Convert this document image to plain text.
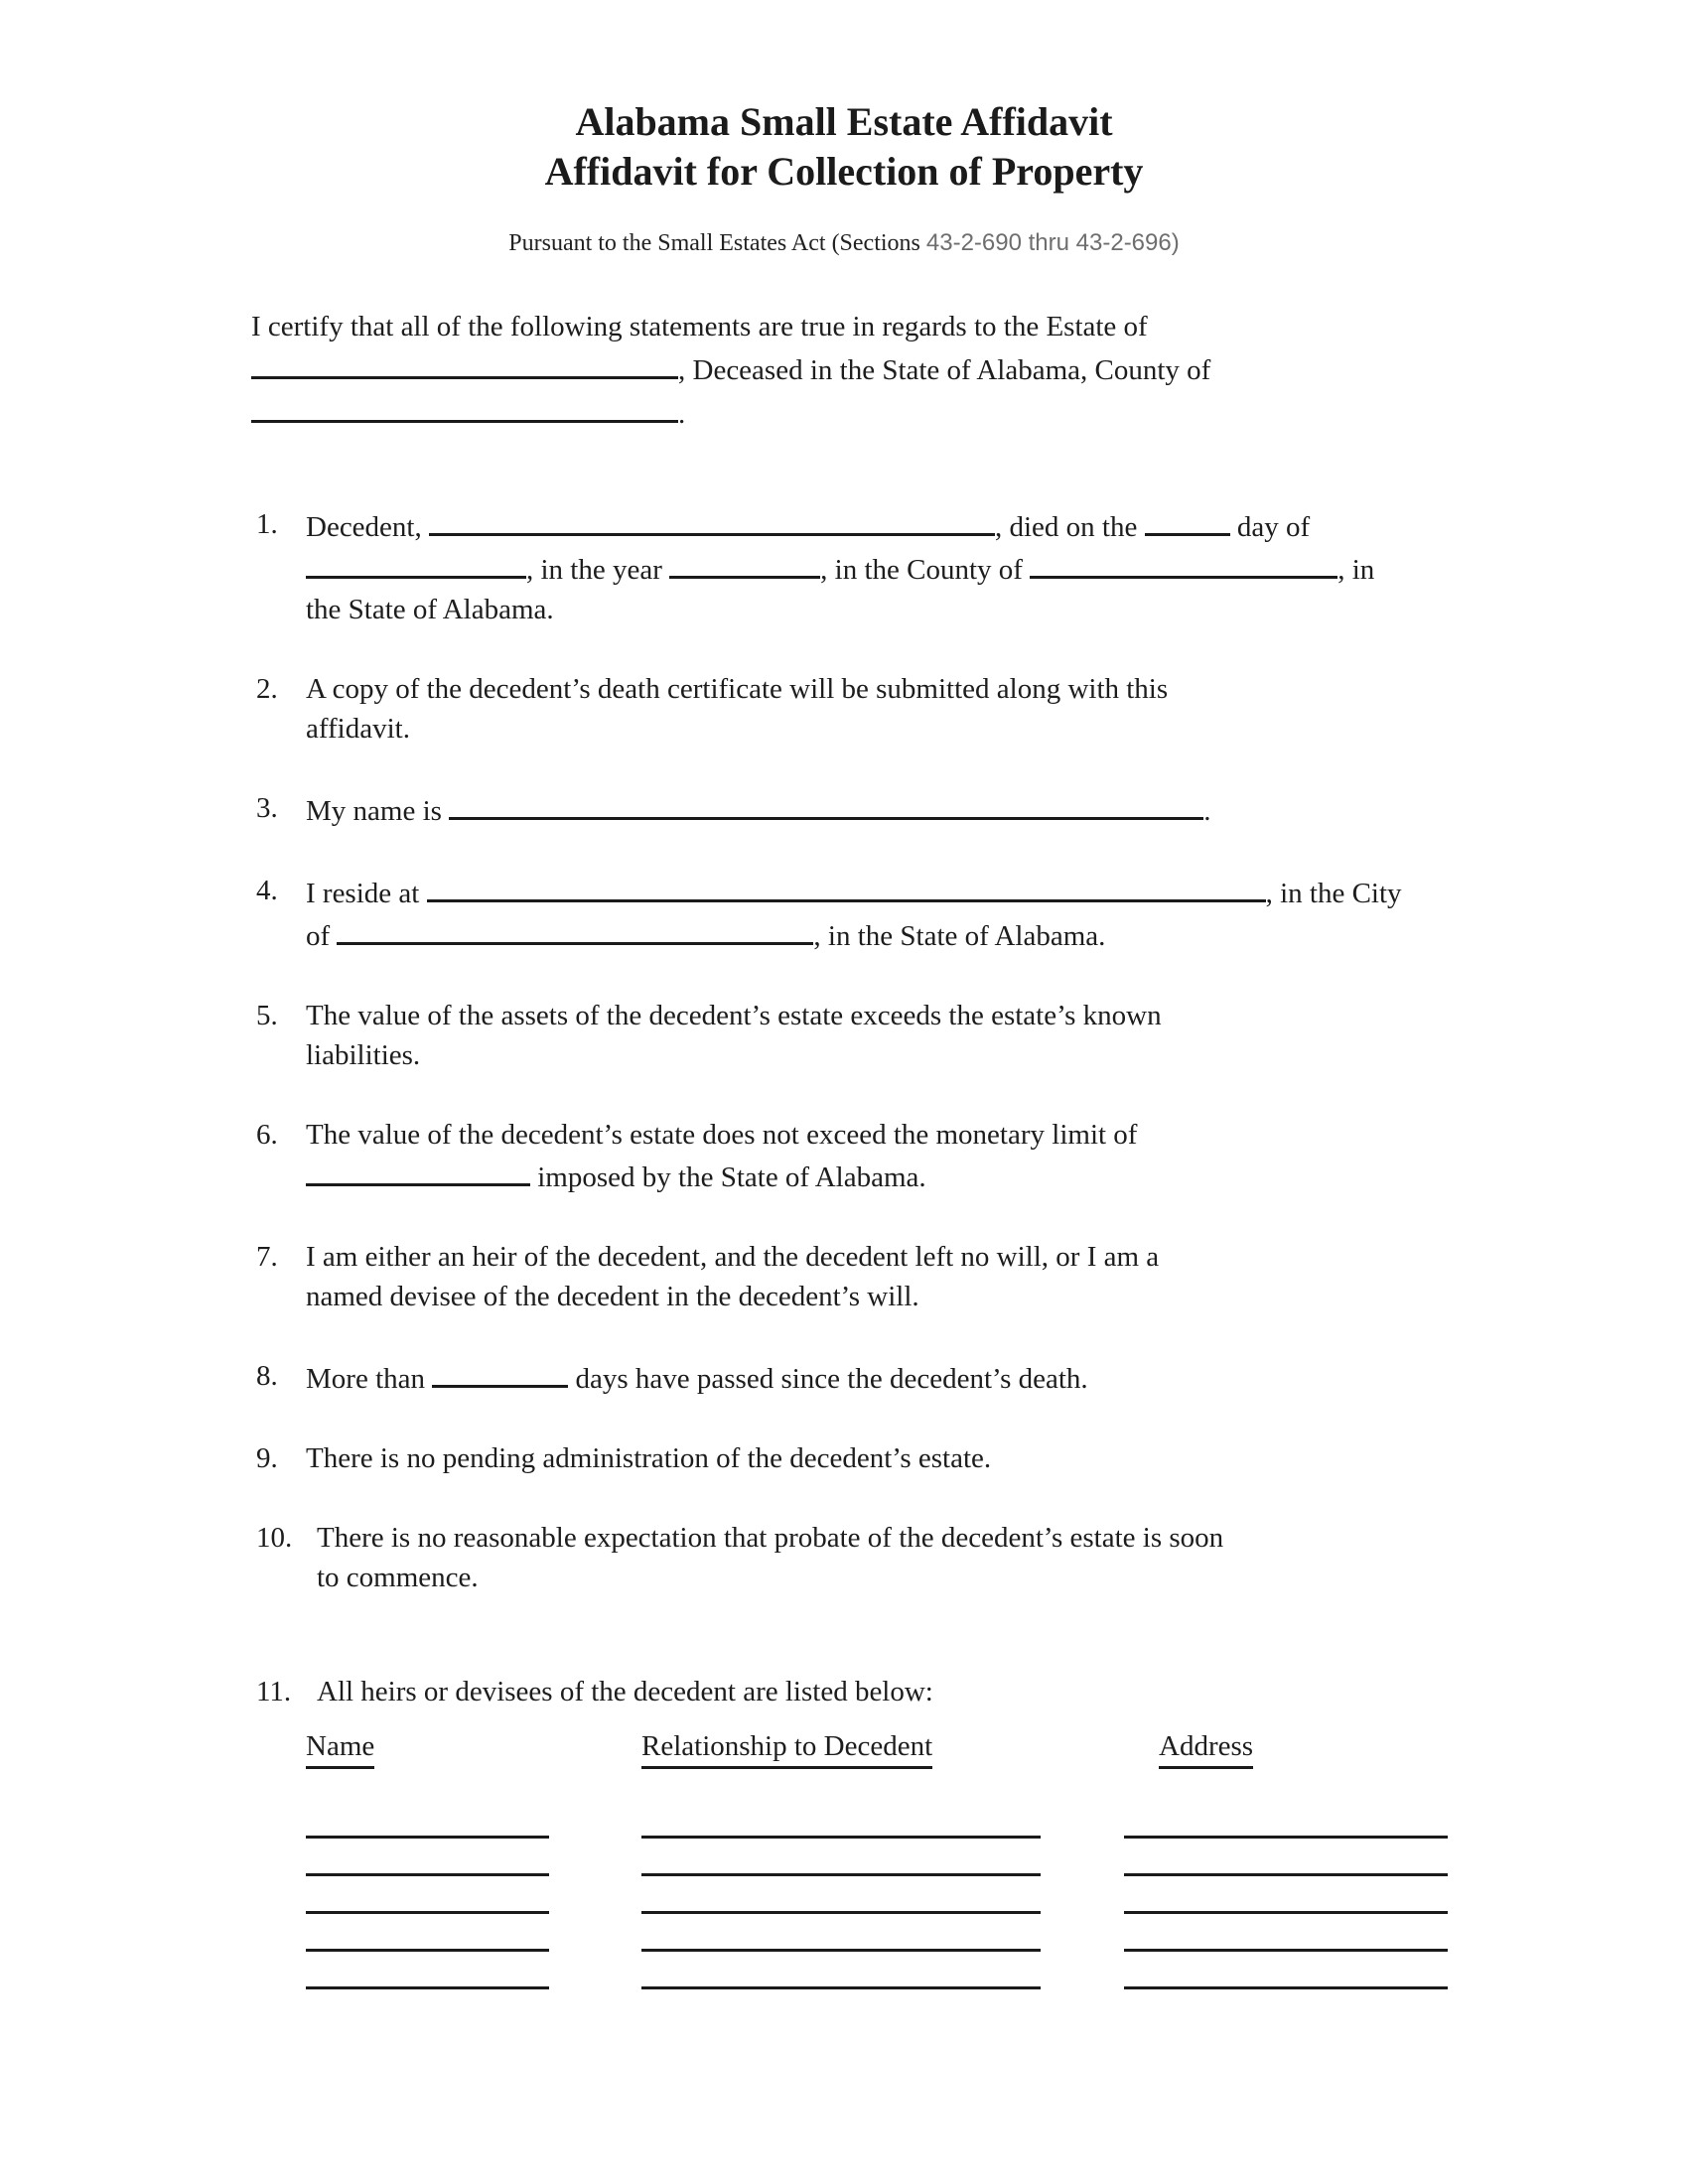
Alabama Small Estate Affidavit
Affidavit for Collection of Property
Pursuant to the Small Estates Act (Sections 43-2-690 thru 43-2-696)
I certify that all of the following statements are true in regards to the Estate of
, Deceased in the State of Alabama, County of
.
1. Decedent,	, died on the	day of
, in the year	, in the County of	, in
the State of Alabama.
2. A copy of the decedent’s death certificate will be submitted along with this
affidavit.
3. My name is	.
4. I reside at	, in the City
of	, in the State of Alabama.
5. The value of the assets of the decedent’s estate exceeds the estate’s known
liabilities.
6. The value of the decedent’s estate does not exceed the monetary limit of
imposed by the State of Alabama.
7. I am either an heir of the decedent, and the decedent left no will, or I am a
named devisee of the decedent in the decedent’s will.
8. More than	days have passed since the decedent’s death.
9. There is no pending administration of the decedent’s estate.
10. There is no reasonable expectation that probate of the decedent’s estate is soon
to commence.
11. All heirs or devisees of the decedent are listed below:
Name	Relationship to Decedent	Address
